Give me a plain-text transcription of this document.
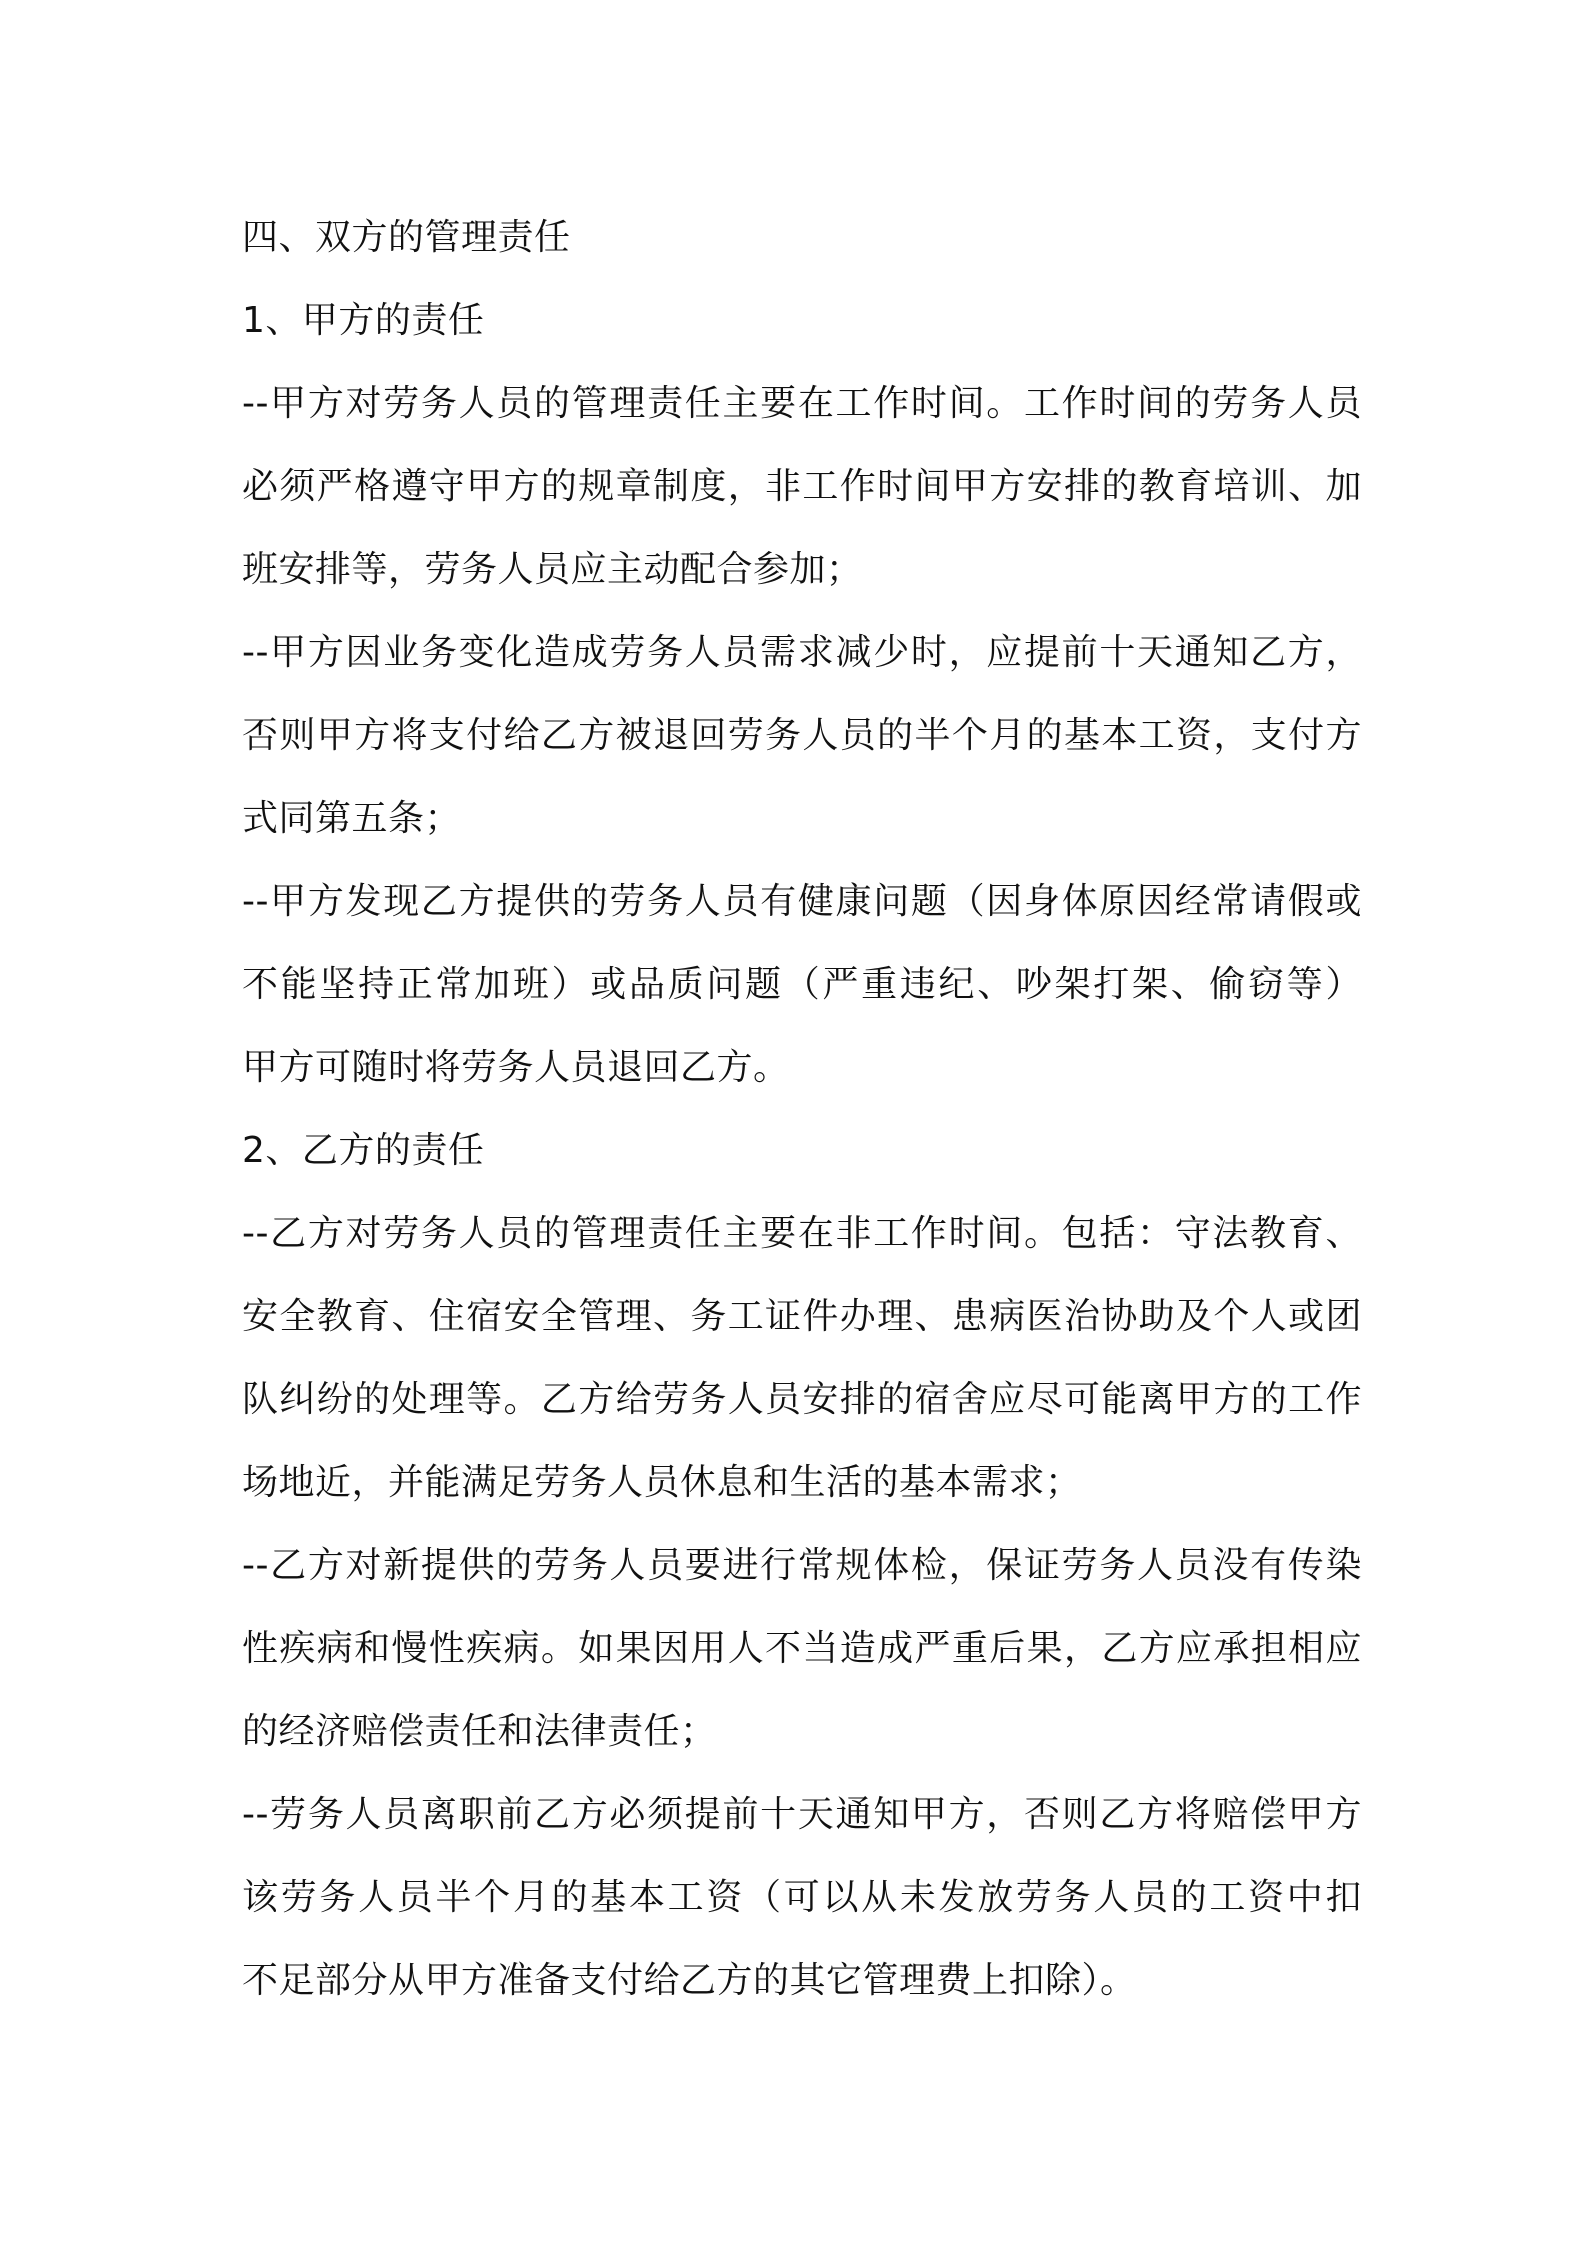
四、双方的管理责任
1、甲方的责任
--甲方对劳务人员的管理责任主要在工作时间。工作时间的劳务人员
必须严格遵守甲方的规章制度，非工作时间甲方安排的教育培训、加
班安排等，劳务人员应主动配合参加；
--甲方因业务变化造成劳务人员需求减少时，应提前十天通知乙方，
否则甲方将支付给乙方被退回劳务人员的半个月的基本工资，支付方
式同第五条；
--甲方发现乙方提供的劳务人员有健康问题（因身体原因经常请假或
不能坚持正常加班）或品质问题（严重违纪、吵架打架、偷窃等）
甲方可随时将劳务人员退回乙方。
2、乙方的责任
--乙方对劳务人员的管理责任主要在非工作时间。包括：守法教育、
安全教育、住宿安全管理、务工证件办理、患病医治协助及个人或团
队纠纷的处理等。乙方给劳务人员安排的宿舍应尽可能离甲方的工作
场地近，并能满足劳务人员休息和生活的基本需求；
--乙方对新提供的劳务人员要进行常规体检，保证劳务人员没有传染
性疾病和慢性疾病。如果因用人不当造成严重后果，乙方应承担相应
的经济赔偿责任和法律责任；
--劳务人员离职前乙方必须提前十天通知甲方，否则乙方将赔偿甲方
该劳务人员半个月的基本工资（可以从未发放劳务人员的工资中扣
不足部分从甲方准备支付给乙方的其它管理费上扣除）。
